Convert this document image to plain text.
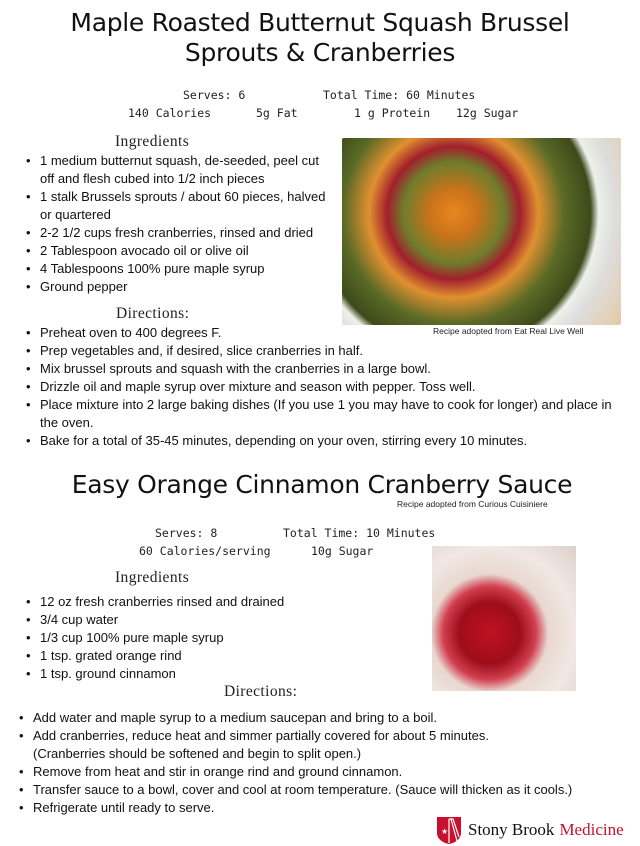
Maple Roasted Butternut Squash Brussel
Sprouts & Cranberries
Serves: 6	Total Time: 60 Minutes
140 Calories	5g Fat	1 g Protein 12g Sugar
Ingredients
• 1 medium butternut squash, de-seeded, peel cut off and flesh cubed into 1/2 inch pieces
• 1 stalk Brussels sprouts / about 60 pieces, halved or quartered
• 2-2 1/2 cups fresh cranberries, rinsed and dried
• 2 Tablespoon avocado oil or olive oil
• 4 Tablespoons 100% pure maple syrup
• Ground pepper
Recipe adopted from Eat Real Live Well
Directions:
• Preheat oven to 400 degrees F.
• Prep vegetables and, if desired, slice cranberries in half.
• Mix brussel sprouts and squash with the cranberries in a large bowl.
• Drizzle oil and maple syrup over mixture and season with pepper. Toss well.
• Place mixture into 2 large baking dishes (If you use 1 you may have to cook for longer) and place in the oven.
• Bake for a total of 35-45 minutes, depending on your oven, stirring every 10 minutes.
Easy Orange Cinnamon Cranberry Sauce
Recipe adopted from Curious Cuisiniere
Serves: 8	Total Time: 10 Minutes
60 Calories/serving	10g Sugar
Ingredients
• 12 oz fresh cranberries rinsed and drained
• 3/4 cup water
• 1/3 cup 100% pure maple syrup
• 1 tsp. grated orange rind
• 1 tsp. ground cinnamon
Directions:
• Add water and maple syrup to a medium saucepan and bring to a boil.
• Add cranberries, reduce heat and simmer partially covered for about 5 minutes.
(Cranberries should be softened and begin to split open.)
• Remove from heat and stir in orange rind and ground cinnamon.
• Transfer sauce to a bowl, cover and cool at room temperature. (Sauce will thicken as it cools.)
• Refrigerate until ready to serve.
★ Stony Brook Medicine
